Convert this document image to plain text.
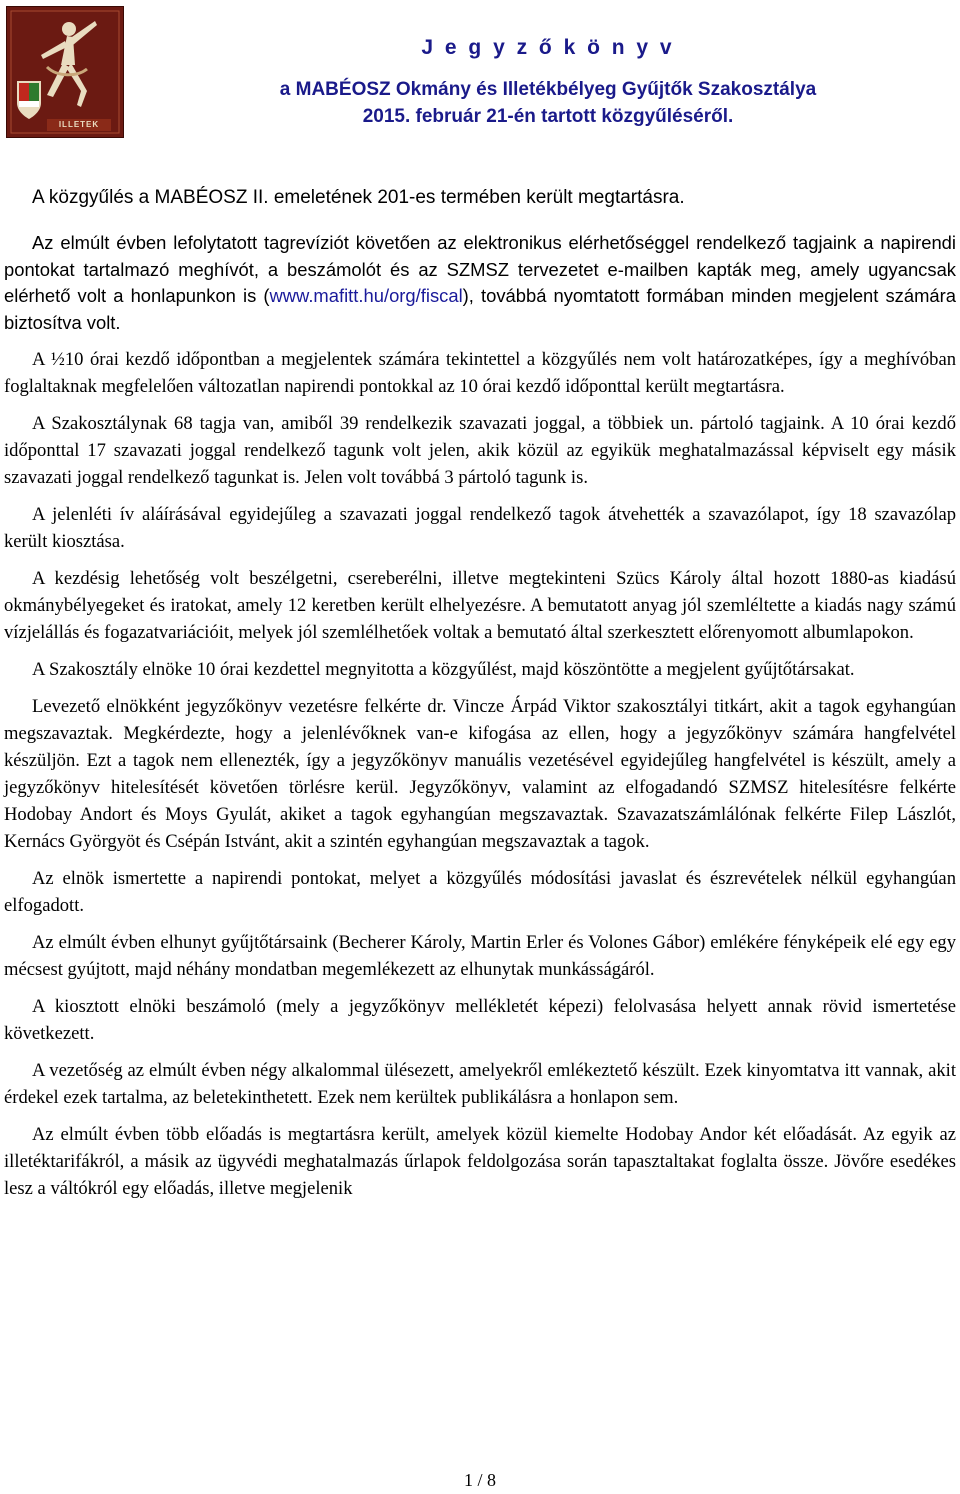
ILLETEK
J e g y z ő k ö n y v
a MABÉOSZ Okmány és Illetékbélyeg Gyűjtők Szakosztálya
2015. február 21-én tartott közgyűléséről.
A közgyűlés a MABÉOSZ II. emeletének 201-es termében került megtartásra.

Az elmúlt évben lefolytatott tagrevíziót követően az elektronikus elérhetőséggel rendelkező tagjaink a napirendi pontokat tartalmazó meghívót, a beszámolót és az SZMSZ tervezetet e-mailben kapták meg, amely ugyancsak elérhető volt a honlapunkon is (www.mafitt.hu/org/fiscal), továbbá nyomtatott formában minden megjelent számára biztosítva volt.

A ½10 órai kezdő időpontban a megjelentek számára tekintettel a közgyűlés nem volt határozatképes, így a meghívóban foglaltaknak megfelelően változatlan napirendi pontokkal az 10 órai kezdő időponttal került megtartásra.

A Szakosztálynak 68 tagja van, amiből 39 rendelkezik szavazati joggal, a többiek un. pártoló tagjaink. A 10 órai kezdő időponttal 17 szavazati joggal rendelkező tagunk volt jelen, akik közül az egyikük meghatalmazással képviselt egy másik szavazati joggal rendelkező tagunkat is. Jelen volt továbbá 3 pártoló tagunk is.

A jelenléti ív aláírásával egyidejűleg a szavazati joggal rendelkező tagok átvehették a szavazólapot, így 18 szavazólap került kiosztása.

A kezdésig lehetőség volt beszélgetni, csereberélni, illetve megtekinteni Szücs Károly által hozott 1880-as kiadású okmánybélyegeket és iratokat, amely 12 keretben került elhelyezésre. A bemutatott anyag jól szemléltette a kiadás nagy számú vízjelállás és fogazatvariációit, melyek jól szemlélhetőek voltak a bemutató által szerkesztett előrenyomott albumlapokon.

A Szakosztály elnöke 10 órai kezdettel megnyitotta a közgyűlést, majd köszöntötte a megjelent gyűjtőtársakat.

Levezető elnökként jegyzőkönyv vezetésre felkérte dr. Vincze Árpád Viktor szakosztályi titkárt, akit a tagok egyhangúan megszavaztak. Megkérdezte, hogy a jelenlévőknek van-e kifogása az ellen, hogy a jegyzőkönyv számára hangfelvétel készüljön. Ezt a tagok nem ellenezték, így a jegyzőkönyv manuális vezetésével egyidejűleg hangfelvétel is készült, amely a jegyzőkönyv hitelesítését követően törlésre kerül. Jegyzőkönyv, valamint az elfogadandó SZMSZ hitelesítésre felkérte Hodobay Andort és Moys Gyulát, akiket a tagok egyhangúan megszavaztak. Szavazatszámlálónak felkérte Filep Lászlót, Kernács Györgyöt és Csépán Istvánt, akit a szintén egyhangúan megszavaztak a tagok.

Az elnök ismertette a napirendi pontokat, melyet a közgyűlés módosítási javaslat és észrevételek nélkül egyhangúan elfogadott.

Az elmúlt évben elhunyt gyűjtőtársaink (Becherer Károly, Martin Erler és Volones Gábor) emlékére fényképeik elé egy egy mécsest gyújtott, majd néhány mondatban megemlékezett az elhunytak munkásságáról.

A kiosztott elnöki beszámoló (mely a jegyzőkönyv mellékletét képezi) felolvasása helyett annak rövid ismertetése következett.

A vezetőség az elmúlt évben négy alkalommal ülésezett, amelyekről emlékeztető készült. Ezek kinyomtatva itt vannak, akit érdekel ezek tartalma, az beletekinthetett. Ezek nem kerültek publikálásra a honlapon sem.

Az elmúlt évben több előadás is megtartásra került, amelyek közül kiemelte Hodobay Andor két előadását. Az egyik az illetéktarifákról, a másik az ügyvédi meghatalmazás űrlapok feldolgozása során tapasztaltakat foglalta össze. Jövőre esedékes lesz a váltókról egy előadás, illetve megjelenik

1 / 8
